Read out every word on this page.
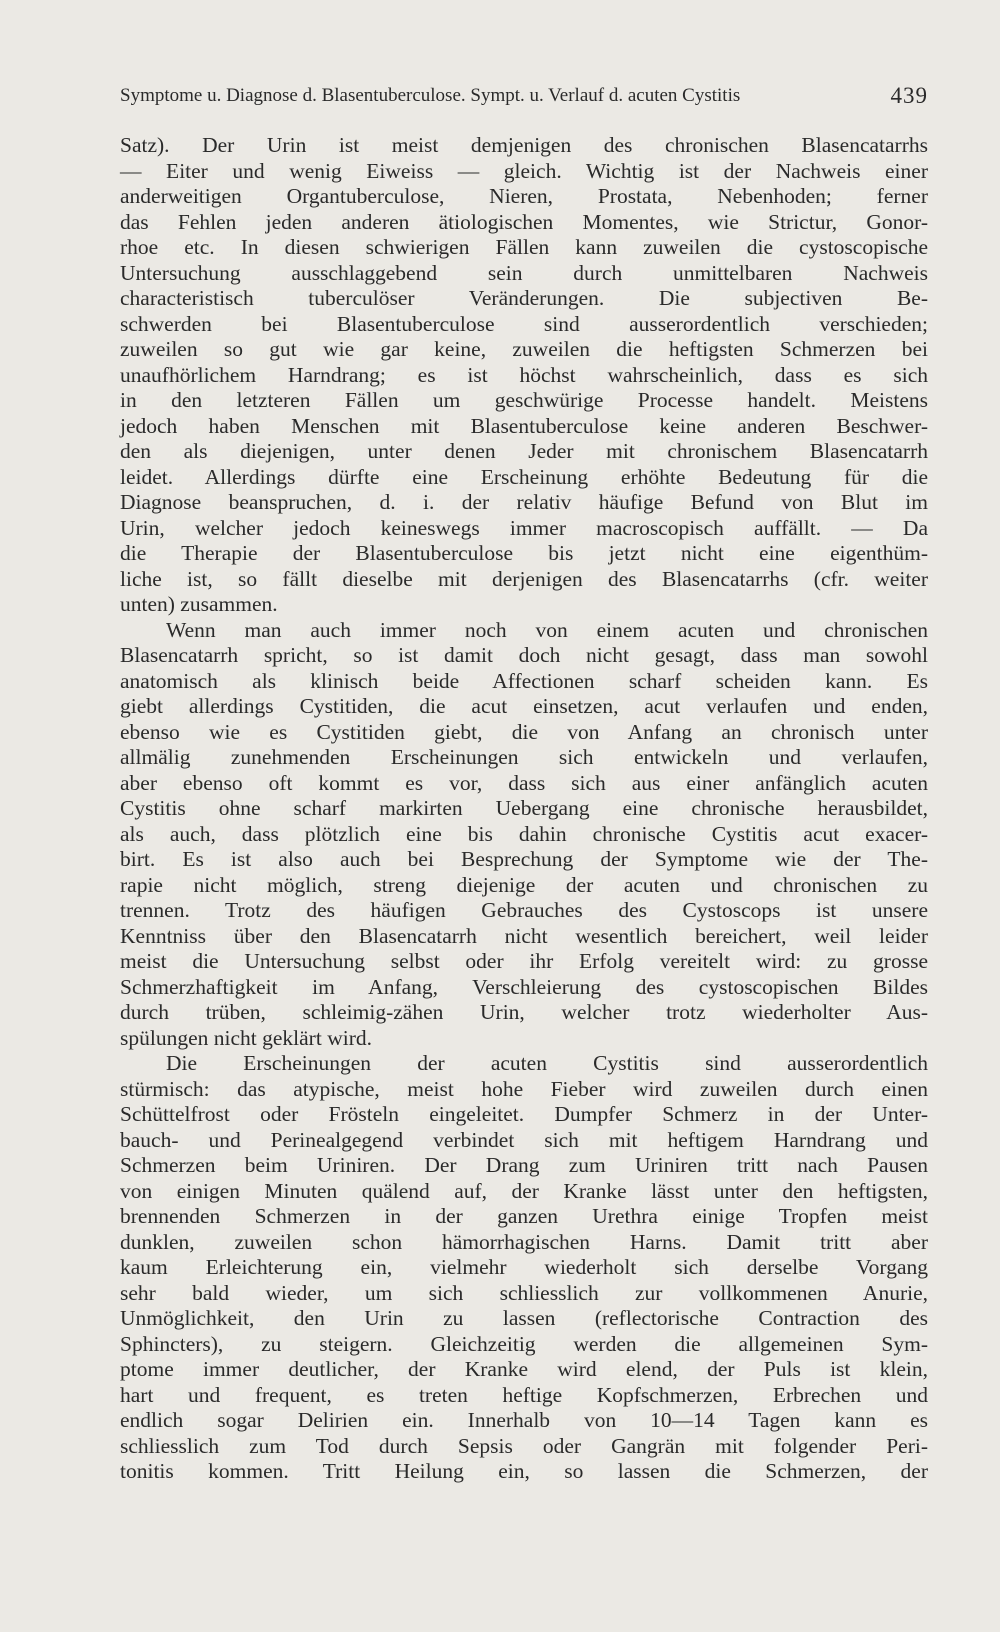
Symptome u. Diagnose d. Blasentuberculose. Sympt. u. Verlauf d. acuten Cystitis	439
Satz). Der Urin ist meist demjenigen des chronischen Blasencatarrhs
— Eiter und wenig Eiweiss — gleich. Wichtig ist der Nachweis einer
anderweitigen Organtuberculose, Nieren, Prostata, Nebenhoden; ferner
das Fehlen jeden anderen ätiologischen Momentes, wie Strictur, Gonor-
rhoe etc. In diesen schwierigen Fällen kann zuweilen die cystoscopische
Untersuchung ausschlaggebend sein durch unmittelbaren Nachweis
characteristisch tuberculöser Veränderungen. Die subjectiven Be-
schwerden bei Blasentuberculose sind ausserordentlich verschieden;
zuweilen so gut wie gar keine, zuweilen die heftigsten Schmerzen bei
unaufhörlichem Harndrang; es ist höchst wahrscheinlich, dass es sich
in den letzteren Fällen um geschwürige Processe handelt. Meistens
jedoch haben Menschen mit Blasentuberculose keine anderen Beschwer-
den als diejenigen, unter denen Jeder mit chronischem Blasencatarrh
leidet. Allerdings dürfte eine Erscheinung erhöhte Bedeutung für die
Diagnose beanspruchen, d. i. der relativ häufige Befund von Blut im
Urin, welcher jedoch keineswegs immer macroscopisch auffällt. — Da
die Therapie der Blasentuberculose bis jetzt nicht eine eigenthüm-
liche ist, so fällt dieselbe mit derjenigen des Blasencatarrhs (cfr. weiter
unten) zusammen.
Wenn man auch immer noch von einem acuten und chronischen
Blasencatarrh spricht, so ist damit doch nicht gesagt, dass man sowohl
anatomisch als klinisch beide Affectionen scharf scheiden kann. Es
giebt allerdings Cystitiden, die acut einsetzen, acut verlaufen und enden,
ebenso wie es Cystitiden giebt, die von Anfang an chronisch unter
allmälig zunehmenden Erscheinungen sich entwickeln und verlaufen,
aber ebenso oft kommt es vor, dass sich aus einer anfänglich acuten
Cystitis ohne scharf markirten Uebergang eine chronische herausbildet,
als auch, dass plötzlich eine bis dahin chronische Cystitis acut exacer-
birt. Es ist also auch bei Besprechung der Symptome wie der The-
rapie nicht möglich, streng diejenige der acuten und chronischen zu
trennen. Trotz des häufigen Gebrauches des Cystoscops ist unsere
Kenntniss über den Blasencatarrh nicht wesentlich bereichert, weil leider
meist die Untersuchung selbst oder ihr Erfolg vereitelt wird: zu grosse
Schmerzhaftigkeit im Anfang, Verschleierung des cystoscopischen Bildes
durch trüben, schleimig-zähen Urin, welcher trotz wiederholter Aus-
spülungen nicht geklärt wird.
Die Erscheinungen der acuten Cystitis sind ausserordentlich
stürmisch: das atypische, meist hohe Fieber wird zuweilen durch einen
Schüttelfrost oder Frösteln eingeleitet. Dumpfer Schmerz in der Unter-
bauch- und Perinealgegend verbindet sich mit heftigem Harndrang und
Schmerzen beim Uriniren. Der Drang zum Uriniren tritt nach Pausen
von einigen Minuten quälend auf, der Kranke lässt unter den heftigsten,
brennenden Schmerzen in der ganzen Urethra einige Tropfen meist
dunklen, zuweilen schon hämorrhagischen Harns. Damit tritt aber
kaum Erleichterung ein, vielmehr wiederholt sich derselbe Vorgang
sehr bald wieder, um sich schliesslich zur vollkommenen Anurie,
Unmöglichkeit, den Urin zu lassen (reflectorische Contraction des
Sphincters), zu steigern. Gleichzeitig werden die allgemeinen Sym-
ptome immer deutlicher, der Kranke wird elend, der Puls ist klein,
hart und frequent, es treten heftige Kopfschmerzen, Erbrechen und
endlich sogar Delirien ein. Innerhalb von 10—14 Tagen kann es
schliesslich zum Tod durch Sepsis oder Gangrän mit folgender Peri-
tonitis kommen. Tritt Heilung ein, so lassen die Schmerzen, der
